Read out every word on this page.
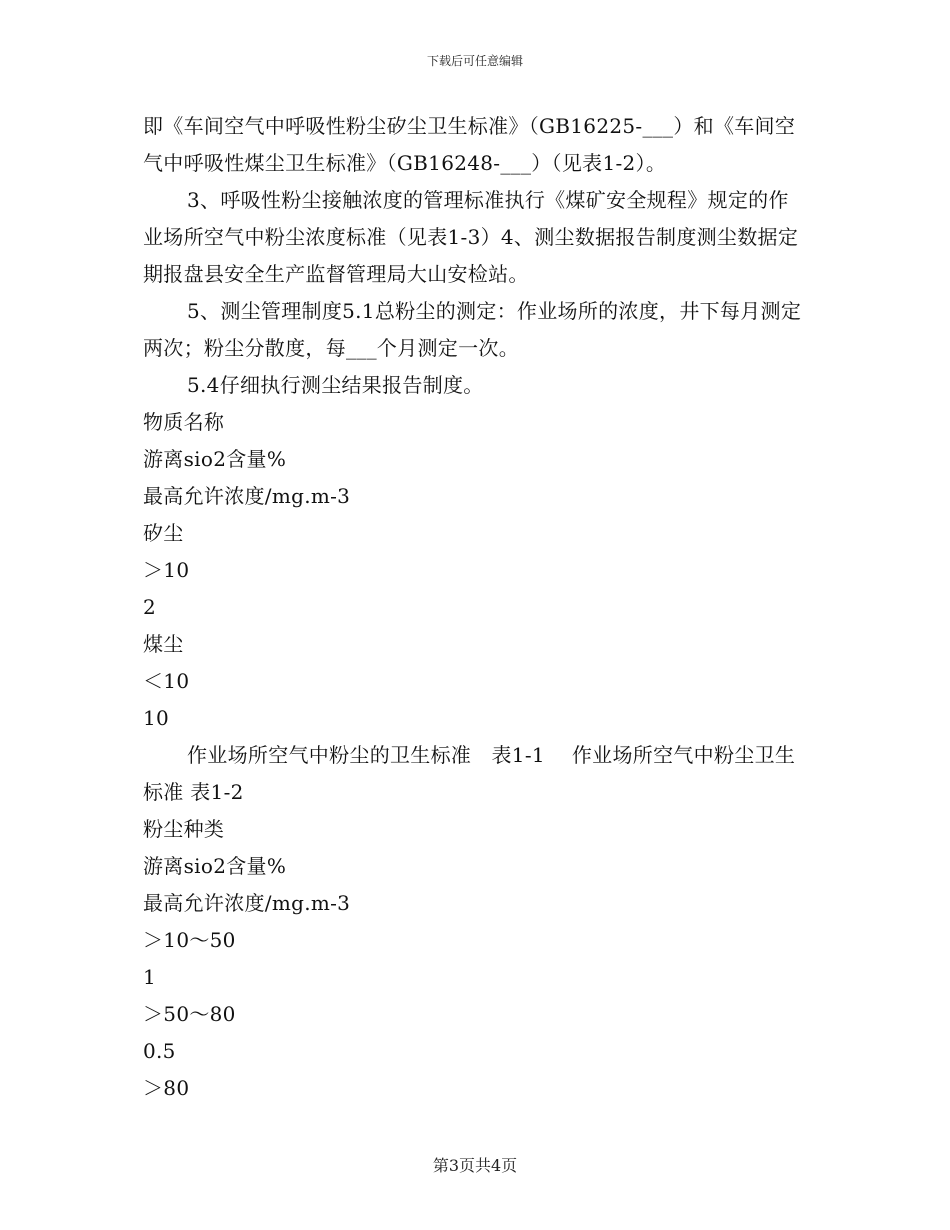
下载后可任意编辑

即《车间空气中呼吸性粉尘矽尘卫生标准》（GB16225-___）和《车间空气中呼吸性煤尘卫生标准》（GB16248-___）（见表1-2）。

3、呼吸性粉尘接触浓度的管理标准执行《煤矿安全规程》规定的作业场所空气中粉尘浓度标准（见表1-3）4、测尘数据报告制度测尘数据定期报盘县安全生产监督管理局大山安检站。

5、测尘管理制度5.1总粉尘的测定：作业场所的浓度，井下每月测定两次；粉尘分散度，每___个月测定一次。

5.4仔细执行测尘结果报告制度。

物质名称

游离sio2含量%

最高允许浓度/mg.m-3

矽尘

＞10

2

煤尘

＜10

10

作业场所空气中粉尘的卫生标准　表1-1　 作业场所空气中粉尘卫生标准 表1-2

粉尘种类

游离sio2含量%

最高允许浓度/mg.m-3

＞10～50

1

＞50～80

0.5

＞80

第3页共4页
